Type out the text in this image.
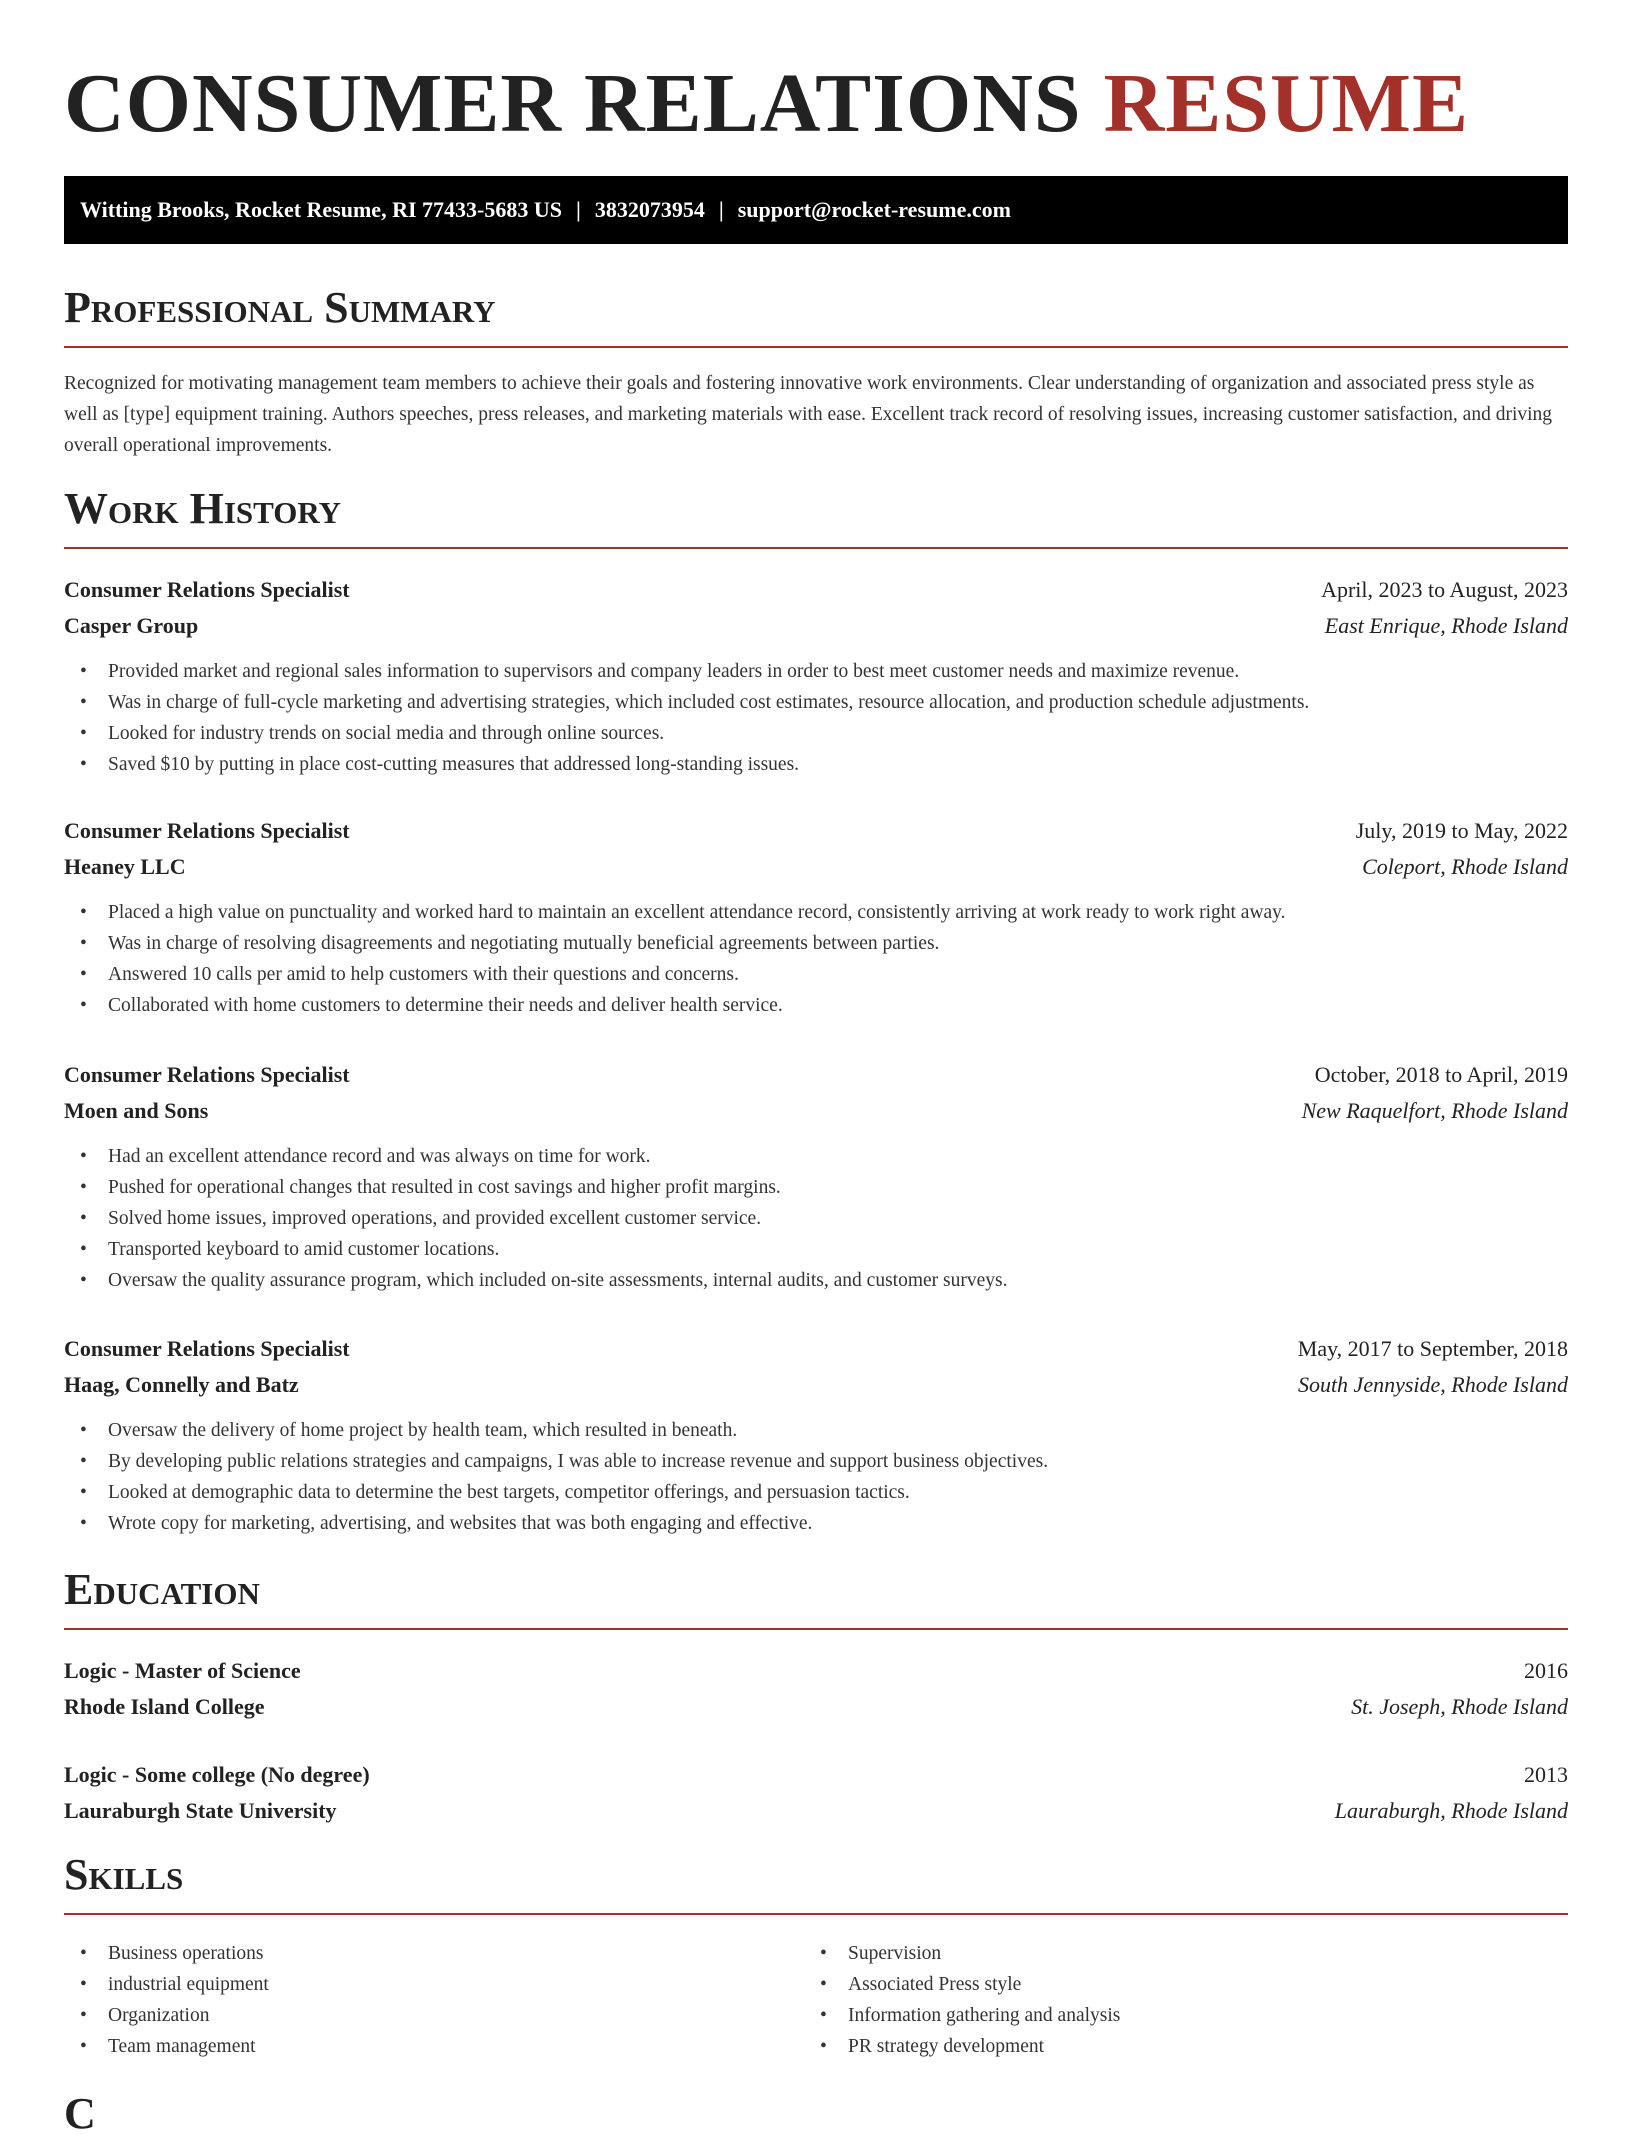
CONSUMER RELATIONS RESUME
Witting Brooks, Rocket Resume, RI 77433-5683 US | 3832073954 | support@rocket-resume.com
Professional Summary

Recognized for motivating management team members to achieve their goals and fostering innovative work environments. Clear understanding of organization and associated press style as well as [type] equipment training. Authors speeches, press releases, and marketing materials with ease. Excellent track record of resolving issues, increasing customer satisfaction, and driving overall operational improvements.

Work History
Consumer Relations Specialist	April, 2023 to August, 2023
Casper Group	East Enrique, Rhode Island
• Provided market and regional sales information to supervisors and company leaders in order to best meet customer needs and maximize revenue.
• Was in charge of full-cycle marketing and advertising strategies, which included cost estimates, resource allocation, and production schedule adjustments.
• Looked for industry trends on social media and through online sources.
• Saved $10 by putting in place cost-cutting measures that addressed long-standing issues.
Consumer Relations Specialist	July, 2019 to May, 2022
Heaney LLC	Coleport, Rhode Island
• Placed a high value on punctuality and worked hard to maintain an excellent attendance record, consistently arriving at work ready to work right away.
• Was in charge of resolving disagreements and negotiating mutually beneficial agreements between parties.
• Answered 10 calls per amid to help customers with their questions and concerns.
• Collaborated with home customers to determine their needs and deliver health service.
Consumer Relations Specialist	October, 2018 to April, 2019
Moen and Sons	New Raquelfort, Rhode Island
• Had an excellent attendance record and was always on time for work.
• Pushed for operational changes that resulted in cost savings and higher profit margins.
• Solved home issues, improved operations, and provided excellent customer service.
• Transported keyboard to amid customer locations.
• Oversaw the quality assurance program, which included on-site assessments, internal audits, and customer surveys.
Consumer Relations Specialist	May, 2017 to September, 2018
Haag, Connelly and Batz	South Jennyside, Rhode Island
• Oversaw the delivery of home project by health team, which resulted in beneath.
• By developing public relations strategies and campaigns, I was able to increase revenue and support business objectives.
• Looked at demographic data to determine the best targets, competitor offerings, and persuasion tactics.
• Wrote copy for marketing, advertising, and websites that was both engaging and effective.
Education
Logic - Master of Science	2016
Rhode Island College	St. Joseph, Rhode Island
Logic - Some college (No degree)	2013
Lauraburgh State University	Lauraburgh, Rhode Island
Skills
• Business operations
• industrial equipment
• Organization
• Team management
• Supervision
• Associated Press style
• Information gathering and analysis
• PR strategy development
C
